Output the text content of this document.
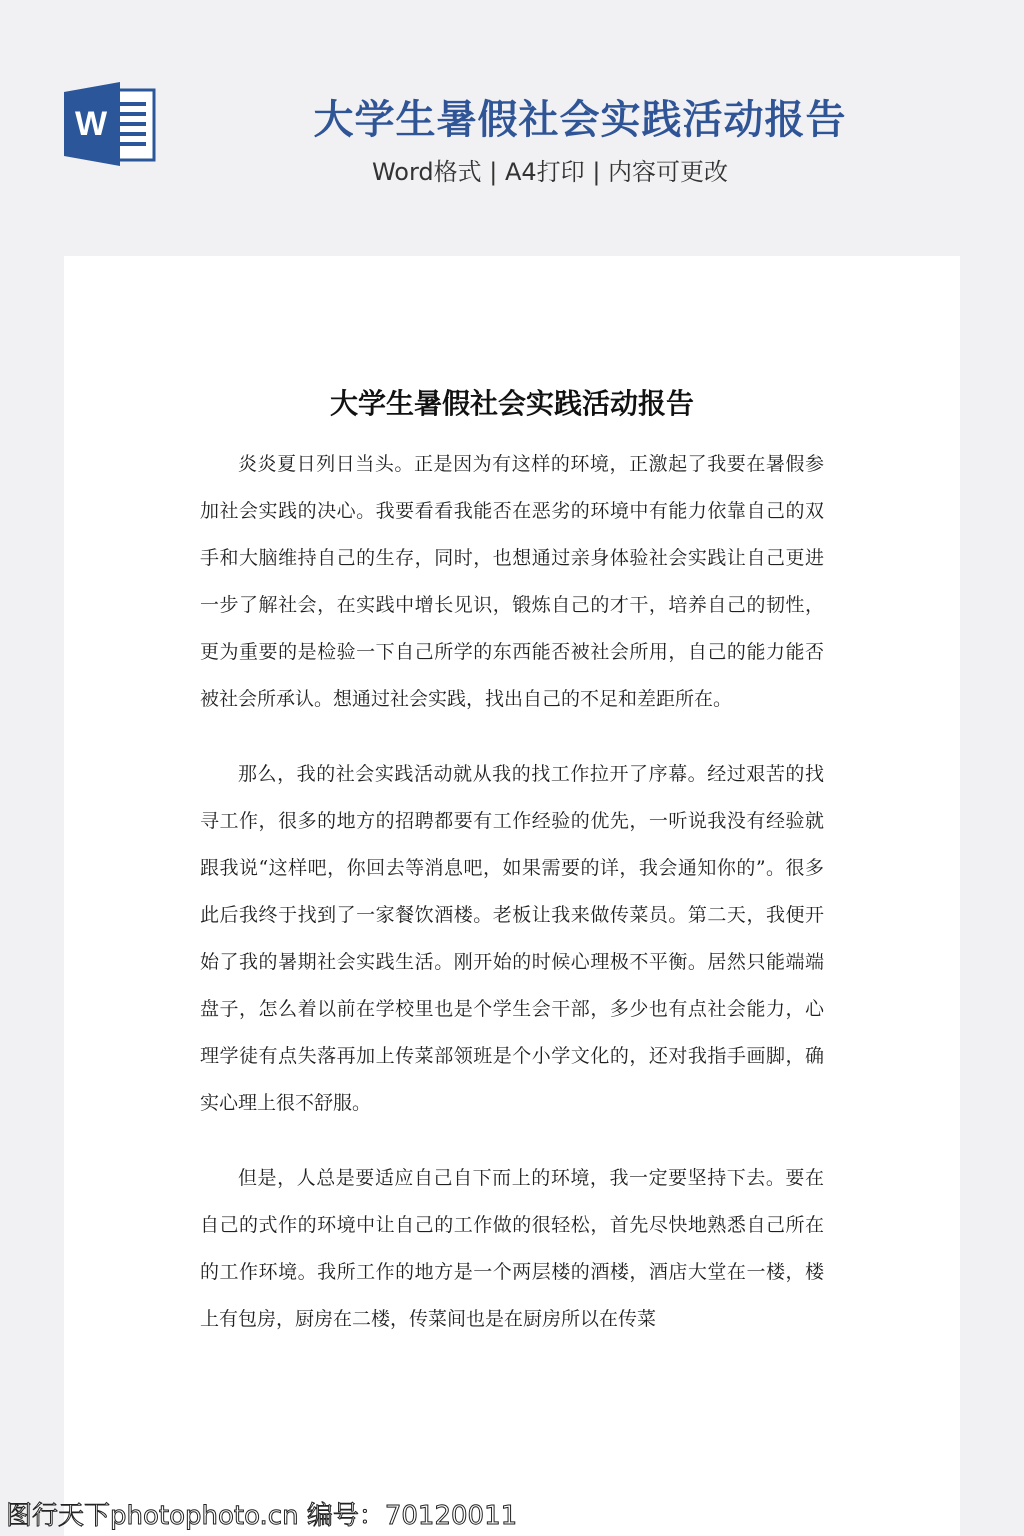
W	大学生暑假社会实践活动报告
Word格式 | A4打印 | 内容可更改
大学生暑假社会实践活动报告

炎炎夏日列日当头。正是因为有这样的环境，正激起了我要在暑假参加社会实践的决心。我要看看我能否在恶劣的环境中有能力依靠自己的双手和大脑维持自己的生存，同时，也想通过亲身体验社会实践让自己更进一步了解社会，在实践中增长见识，锻炼自己的才干，培养自己的韧性，更为重要的是检验一下自己所学的东西能否被社会所用，自己的能力能否被社会所承认。想通过社会实践，找出自己的不足和差距所在。

那么，我的社会实践活动就从我的找工作拉开了序幕。经过艰苦的找寻工作，很多的地方的招聘都要有工作经验的优先，一听说我没有经验就跟我说“这样吧，你回去等消息吧，如果需要的详，我会通知你的”。很多此后我终于找到了一家餐饮酒楼。老板让我来做传菜员。第二天，我便开始了我的暑期社会实践生活。刚开始的时候心理极不平衡。居然只能端端盘子，怎么着以前在学校里也是个学生会干部，多少也有点社会能力，心理学徒有点失落再加上传菜部领班是个小学文化的，还对我指手画脚，确实心理上很不舒服。

但是，人总是要适应自己自下而上的环境，我一定要坚持下去。要在自己的式作的环境中让自己的工作做的很轻松，首先尽快地熟悉自己所在的工作环境。我所工作的地方是一个两层楼的酒楼，酒店大堂在一楼，楼上有包房，厨房在二楼，传菜间也是在厨房所以在传菜

图行天下photophoto.cn 编号：70120011
